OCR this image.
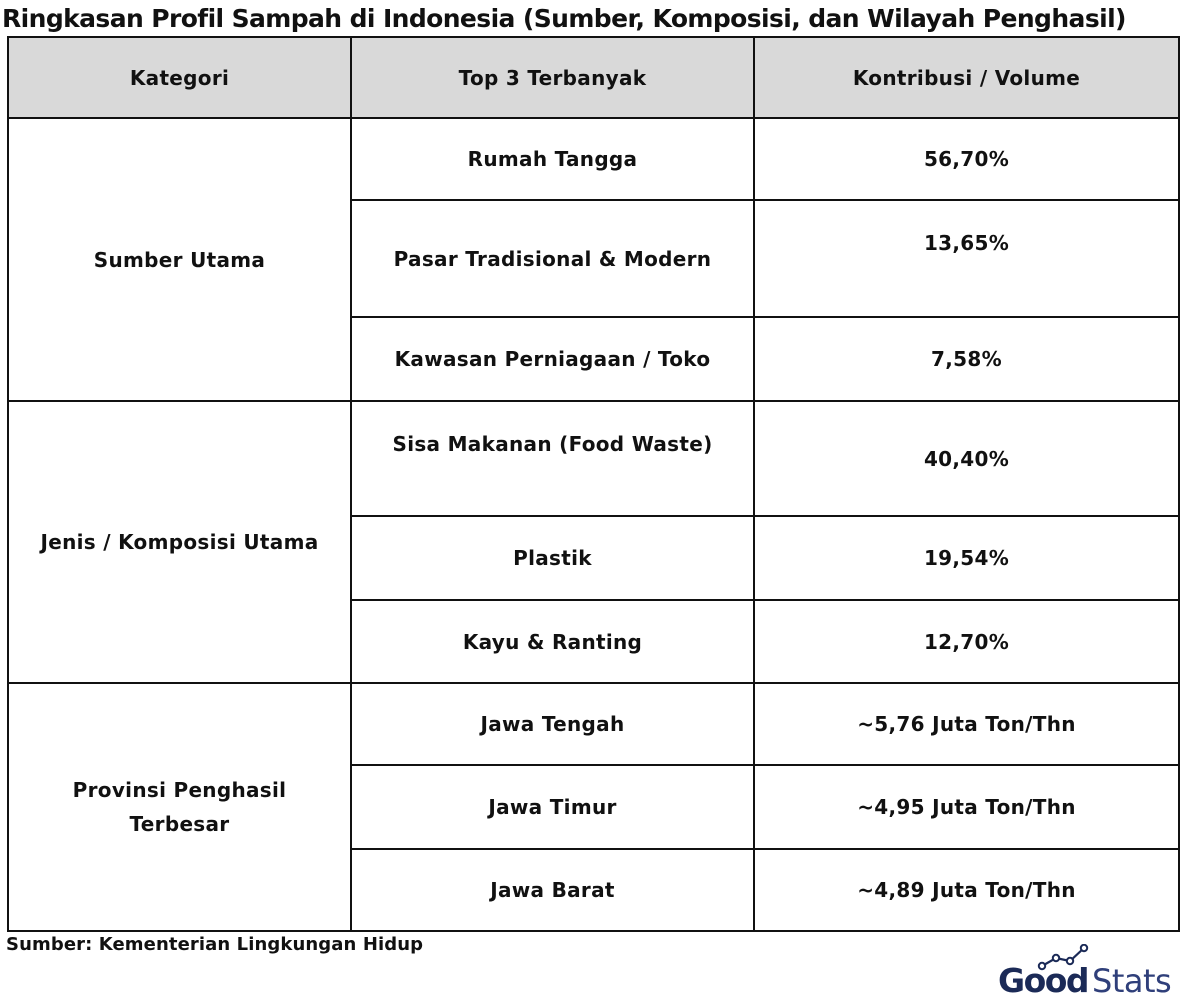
Ringkasan Profil Sampah di Indonesia (Sumber, Komposisi, dan Wilayah Penghasil)
Kategori	Top 3 Terbanyak	Kontribusi / Volume
Sumber Utama	Rumah Tangga	56,70%
	Pasar Tradisional & Modern	13,65%
	Kawasan Perniagaan / Toko	7,58%
Jenis / Komposisi Utama	Sisa Makanan (Food Waste)	40,40%
	Plastik	19,54%
	Kayu & Ranting	12,70%
Provinsi Penghasil Terbesar	Jawa Tengah	~5,76 Juta Ton/Thn
	Jawa Timur	~4,95 Juta Ton/Thn
	Jawa Barat	~4,89 Juta Ton/Thn
Sumber: Kementerian Lingkungan Hidup
Good Stats
